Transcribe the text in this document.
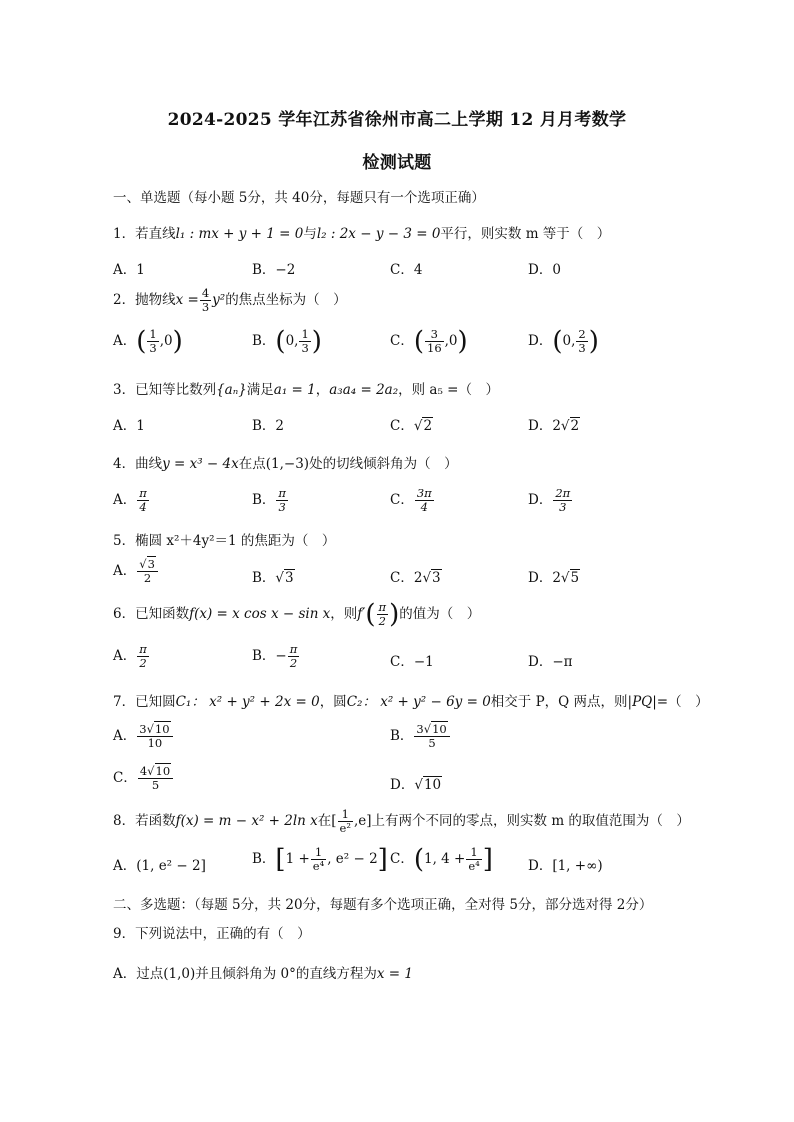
2024-2025 学年江苏省徐州市高二上学期 12 月月考数学
检测试题
一、单选题（每小题 5分，共 40分，每题只有一个选项正确）
1．若直线l₁ : mx + y + 1 = 0与l₂ : 2x − y − 3 = 0平行，则实数 m 等于（　）
A．1	B．−2	C．4	D．0
2．抛物线$x = \frac{4}{3} y^2$的焦点坐标为（　）
A．( $\frac{1}{3} ,0$)	B．(0, $\frac{1}{3}$ )	C．( $\frac{3}{16} ,0$)	D．(0, $\frac{2}{3}$ )
3．已知等比数列{aₙ}满足a₁ = 1，a₃a₄ = 2a₂，则 a₅ =（　）
A．1	B．2	C．√2	D．2√2
4．曲线y = x³ − 4x在点(1,−3)处的切线倾斜角为（　）
A． $\frac{\pi}{4}$	B． $\frac{\pi}{3}$	C． $\frac{3\pi}{4}$	D． $\frac{2\pi}{3}$
5．椭圆 x²＋4y²＝1 的焦距为（　）
A． $\frac{√3}{2}$	B．√3	C．2√3	D．2√5
6．已知函数f(x) = x cos x − sin x，则$f'( \frac{\pi}{2}$ )的值为（　）
A． $\frac{\pi}{2}$	B．− $\frac{\pi}{2}$	C．−1	D．−π
7．已知圆C₁： x² + y² + 2x = 0，圆C₂： x² + y² − 6y = 0相交于 P，Q 两点，则|PQ|=（　）
A． $\frac{3√10}{10}$	B． $\frac{3√10}{5}$
C． $\frac{4√10}{5}$	D．√10
8．若函数f(x) = m − x² + 2ln x在[ $\frac{1}{\text{e²}} ,e$]上有两个不同的零点，则实数 m 的取值范围为（　）
A．(1, e² − 2]	B．[$1 + \frac{1}{\text{e⁴}}$ , e² − 2] C．(1, $4 + \frac{1}{\text{e⁴}}$ ]	D．[1, +∞)
二、多选题：（每题 5分，共 20分，每题有多个选项正确，全对得 5分，部分选对得 2分）
9．下列说法中，正确的有（　）
A．过点(1,0)并且倾斜角为 0°的直线方程为x = 1
